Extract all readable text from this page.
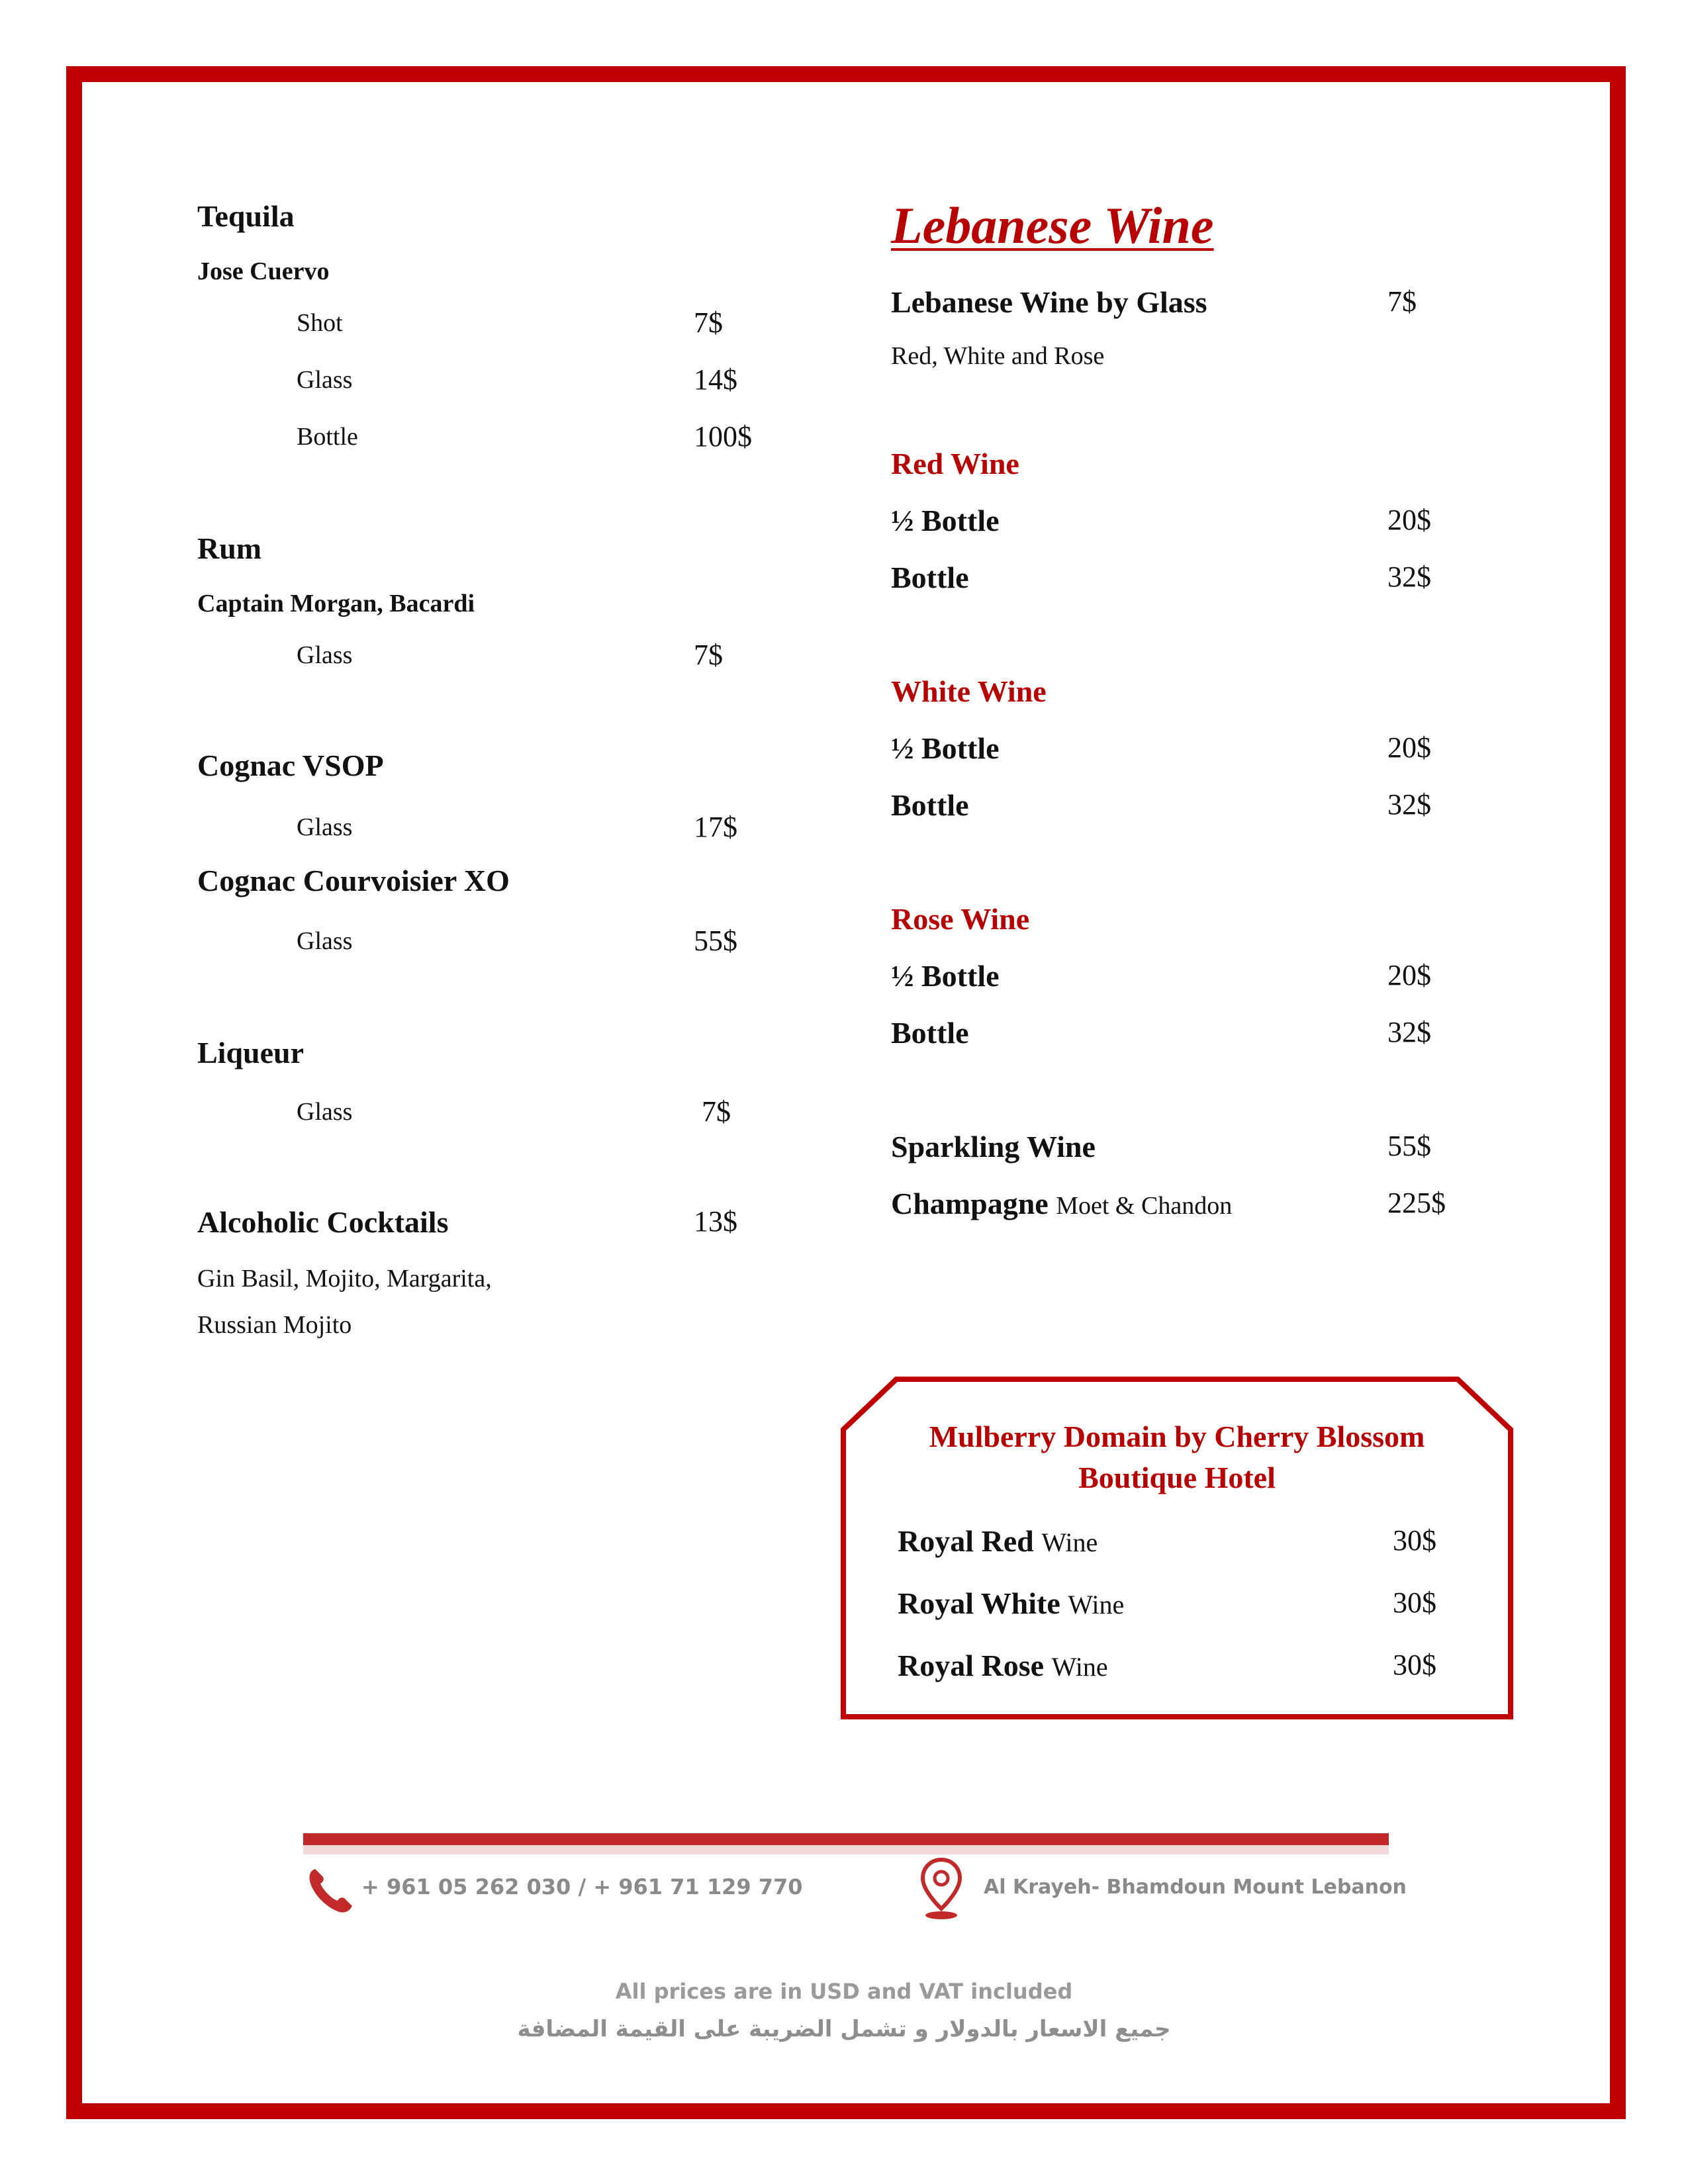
Tequila
Jose Cuervo
Shot	7$
Glass	14$
Bottle	100$
Rum
Captain Morgan, Bacardi
Glass	7$
Cognac VSOP
Glass	17$
Cognac Courvoisier XO
Glass	55$
Liqueur
Glass	7$
Alcoholic Cocktails	13$
Gin Basil, Mojito, Margarita,
Russian Mojito
Lebanese Wine
Lebanese Wine by Glass	7$
Red, White and Rose
Red Wine
½ Bottle	20$
Bottle	32$
White Wine
½ Bottle	20$
Bottle	32$
Rose Wine
½ Bottle	20$
Bottle	32$
Sparkling Wine	55$
Champagne Moet & Chandon	225$
Mulberry Domain by Cherry Blossom
Boutique Hotel
Royal Red Wine	30$
Royal White Wine	30$
Royal Rose Wine	30$
+ 961 05 262 030 / + 961 71 129 770	Al Krayeh- Bhamdoun Mount Lebanon
All prices are in USD and VAT included
جميع الاسعار بالدولار و تشمل الضريبة على القيمة المضافة
